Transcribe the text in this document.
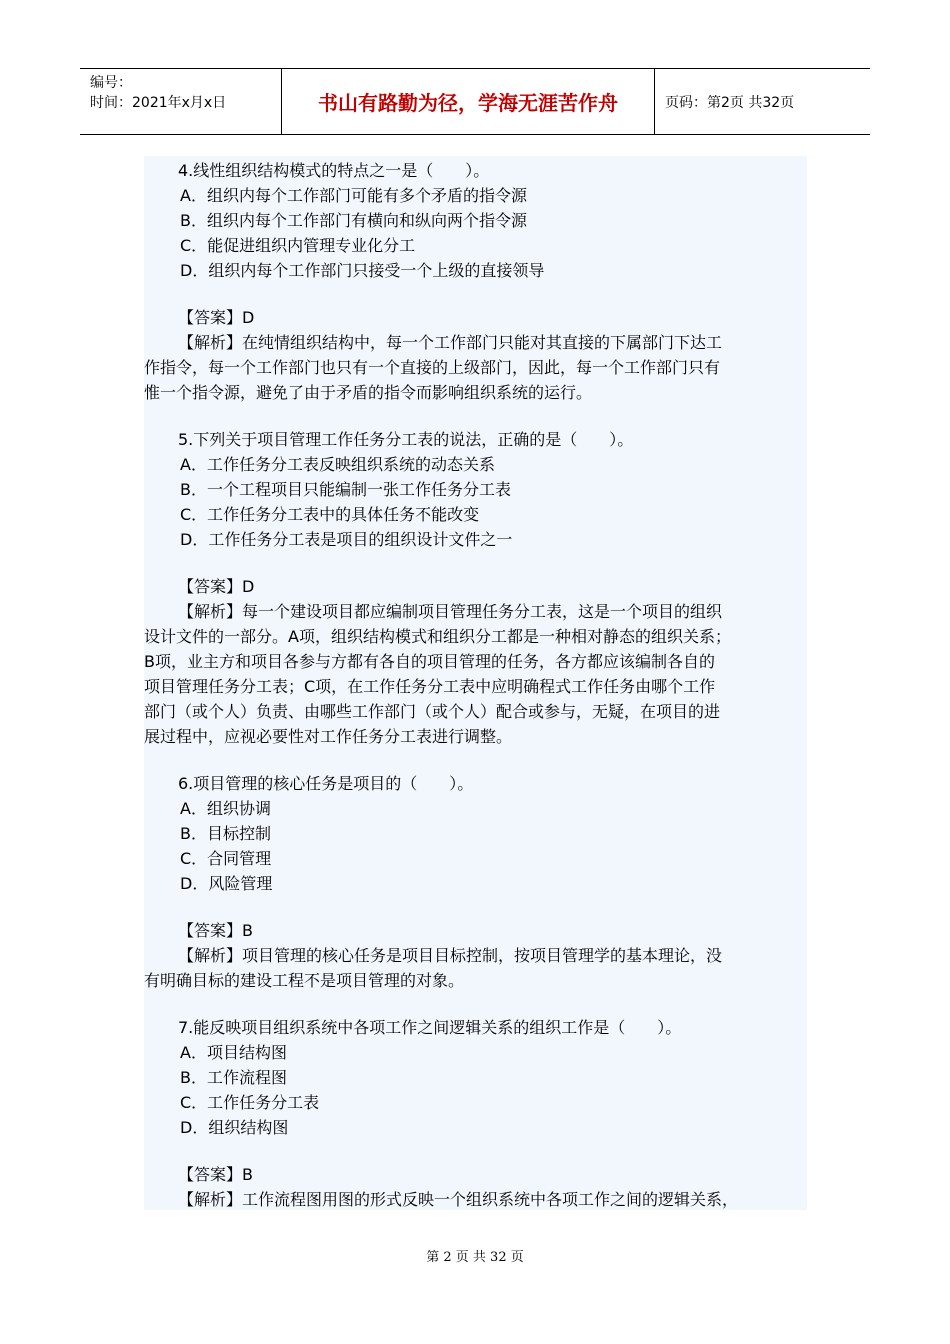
编号：
时间：2021年x月x日	书山有路勤为径，学海无涯苦作舟	页码：第2页 共32页
4.线性组织结构模式的特点之一是（　　）。
A．组织内每个工作部门可能有多个矛盾的指令源
B．组织内每个工作部门有横向和纵向两个指令源
C．能促进组织内管理专业化分工
D．组织内每个工作部门只接受一个上级的直接领导
【答案】D
【解析】在纯情组织结构中，每一个工作部门只能对其直接的下属部门下达工
作指令，每一个工作部门也只有一个直接的上级部门，因此，每一个工作部门只有
惟一个指令源，避免了由于矛盾的指令而影响组织系统的运行。
5.下列关于项目管理工作任务分工表的说法，正确的是（　　）。
A．工作任务分工表反映组织系统的动态关系
B．一个工程项目只能编制一张工作任务分工表
C．工作任务分工表中的具体任务不能改变
D．工作任务分工表是项目的组织设计文件之一
【答案】D
【解析】每一个建设项目都应编制项目管理任务分工表，这是一个项目的组织
设计文件的一部分。A项，组织结构模式和组织分工都是一种相对静态的组织关系；
B项，业主方和项目各参与方都有各自的项目管理的任务，各方都应该编制各自的
项目管理任务分工表；C项，在工作任务分工表中应明确程式工作任务由哪个工作
部门（或个人）负责、由哪些工作部门（或个人）配合或参与，无疑，在项目的进
展过程中，应视必要性对工作任务分工表进行调整。
6.项目管理的核心任务是项目的（　　）。
A．组织协调
B．目标控制
C．合同管理
D．风险管理
【答案】B
【解析】项目管理的核心任务是项目目标控制，按项目管理学的基本理论，没
有明确目标的建设工程不是项目管理的对象。
7.能反映项目组织系统中各项工作之间逻辑关系的组织工作是（　　）。
A．项目结构图
B．工作流程图
C．工作任务分工表
D．组织结构图
【答案】B
【解析】工作流程图用图的形式反映一个组织系统中各项工作之间的逻辑关系，
第 2 页 共 32 页
